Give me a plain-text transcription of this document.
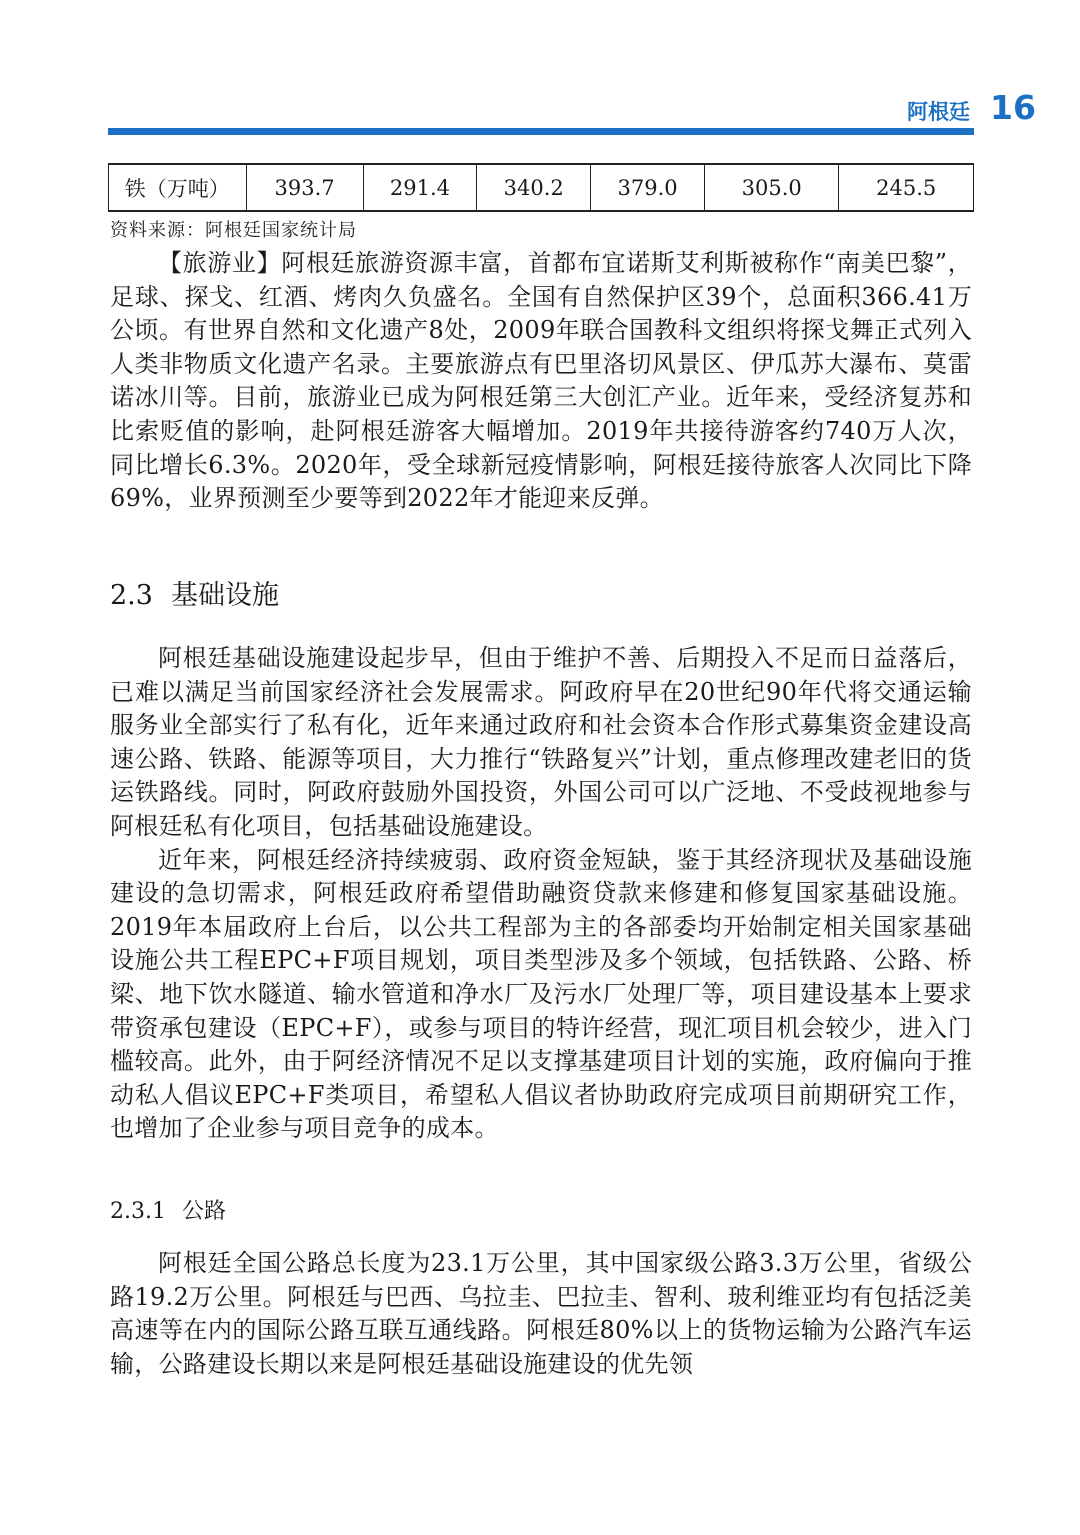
阿根廷 16
铁（万吨）	393.7	291.4	340.2	379.0	305.0	245.5
资料来源：阿根廷国家统计局

【旅游业】阿根廷旅游资源丰富，首都布宜诺斯艾利斯被称作“南美巴黎”，足球、探戈、红酒、烤肉久负盛名。全国有自然保护区39个，总面积366.41万公顷。有世界自然和文化遗产8处，2009年联合国教科文组织将探戈舞正式列入人类非物质文化遗产名录。主要旅游点有巴里洛切风景区、伊瓜苏大瀑布、莫雷诺冰川等。目前，旅游业已成为阿根廷第三大创汇产业。近年来，受经济复苏和比索贬值的影响，赴阿根廷游客大幅增加。2019年共接待游客约740万人次，同比增长6.3%。2020年，受全球新冠疫情影响，阿根廷接待旅客人次同比下降69%，业界预测至少要等到2022年才能迎来反弹。

2.3 基础设施

阿根廷基础设施建设起步早，但由于维护不善、后期投入不足而日益落后，已难以满足当前国家经济社会发展需求。阿政府早在20世纪90年代将交通运输服务业全部实行了私有化，近年来通过政府和社会资本合作形式募集资金建设高速公路、铁路、能源等项目，大力推行“铁路复兴”计划，重点修理改建老旧的货运铁路线。同时，阿政府鼓励外国投资，外国公司可以广泛地、不受歧视地参与阿根廷私有化项目，包括基础设施建设。

近年来，阿根廷经济持续疲弱、政府资金短缺，鉴于其经济现状及基础设施建设的急切需求，阿根廷政府希望借助融资贷款来修建和修复国家基础设施。2019年本届政府上台后，以公共工程部为主的各部委均开始制定相关国家基础设施公共工程EPC+F项目规划，项目类型涉及多个领域，包括铁路、公路、桥梁、地下饮水隧道、输水管道和净水厂及污水厂处理厂等，项目建设基本上要求带资承包建设（EPC+F），或参与项目的特许经营，现汇项目机会较少，进入门槛较高。此外，由于阿经济情况不足以支撑基建项目计划的实施，政府偏向于推动私人倡议EPC+F类项目，希望私人倡议者协助政府完成项目前期研究工作，也增加了企业参与项目竞争的成本。

2.3.1 公路

阿根廷全国公路总长度为23.1万公里，其中国家级公路3.3万公里，省级公路19.2万公里。阿根廷与巴西、乌拉圭、巴拉圭、智利、玻利维亚均有包括泛美高速等在内的国际公路互联互通线路。阿根廷80%以上的货物运输为公路汽车运输，公路建设长期以来是阿根廷基础设施建设的优先领
